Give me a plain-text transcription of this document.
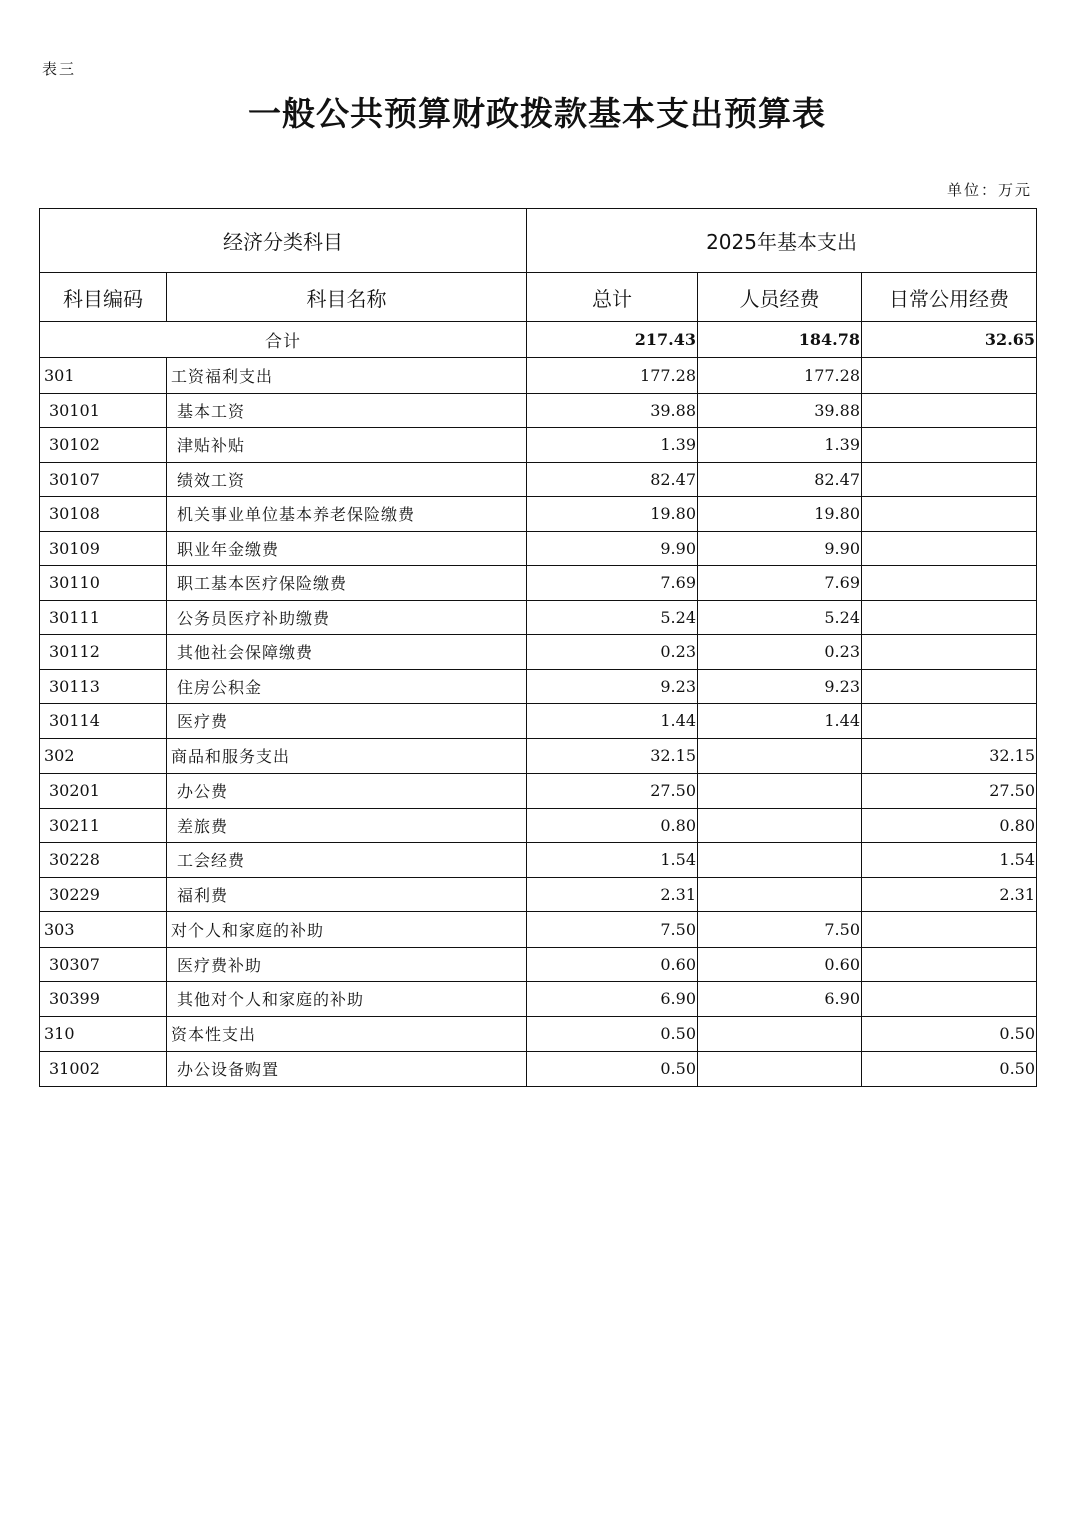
表三
一般公共预算财政拨款基本支出预算表
单位：万元
经济分类科目		2025年基本支出		
科目编码	科目名称	总计	人员经费	日常公用经费
合计		217.43	184.78	32.65
301	工资福利支出	177.28	177.28	
30101	基本工资	39.88	39.88	
30102	津贴补贴	1.39	1.39	
30107	绩效工资	82.47	82.47	
30108	机关事业单位基本养老保险缴费	19.80	19.80	
30109	职业年金缴费	9.90	9.90	
30110	职工基本医疗保险缴费	7.69	7.69	
30111	公务员医疗补助缴费	5.24	5.24	
30112	其他社会保障缴费	0.23	0.23	
30113	住房公积金	9.23	9.23	
30114	医疗费	1.44	1.44	
302	商品和服务支出	32.15		32.15
30201	办公费	27.50		27.50
30211	差旅费	0.80		0.80
30228	工会经费	1.54		1.54
30229	福利费	2.31		2.31
303	对个人和家庭的补助	7.50	7.50	
30307	医疗费补助	0.60	0.60	
30399	其他对个人和家庭的补助	6.90	6.90	
310	资本性支出	0.50		0.50
31002	办公设备购置	0.50		0.50
